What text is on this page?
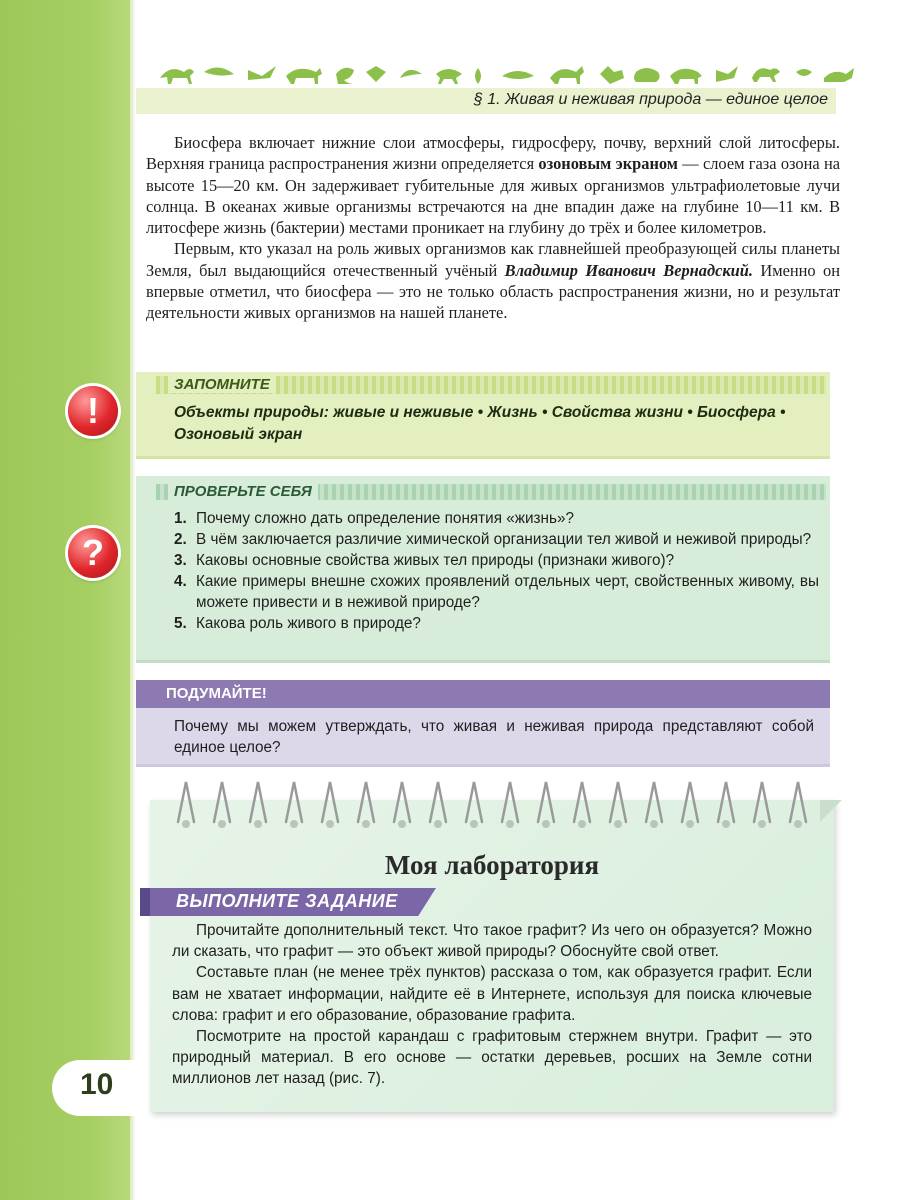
§ 1. Живая и неживая природа — единое целое

Биосфера включает нижние слои атмосферы, гидросферу, почву, верхний слой литосферы. Верхняя граница распространения жизни определяется озоновым экраном — слоем газа озона на высоте 15—20 км. Он задерживает губительные для живых организмов ультрафиолетовые лучи солнца. В океанах живые организмы встречаются на дне впадин даже на глубине 10—11 км. В литосфере жизнь (бактерии) местами проникает на глубину до трёх и более километров.

Первым, кто указал на роль живых организмов как главнейшей преобразующей силы планеты Земля, был выдающийся отечественный учёный Владимир Иванович Вернадский. Именно он впервые отметил, что биосфера — это не только область распространения жизни, но и результат деятельности живых организмов на нашей планете.

!
ЗАПОМНИТЕ
Объекты природы: живые и неживые • Жизнь • Свойства жизни • Биосфера • Озоновый экран
?
ПРОВЕРЬТЕ СЕБЯ
1. Почему сложно дать определение понятия «жизнь»?
2. В чём заключается различие химической организации тел живой и неживой природы?
3. Каковы основные свойства живых тел природы (признаки живого)?
4. Какие примеры внешне схожих проявлений отдельных черт, свойственных живому, вы можете привести и в неживой природе?
5. Какова роль живого в природе?
ПОДУМАЙТЕ!
Почему мы можем утверждать, что живая и неживая природа представляют собой единое целое?
Моя лаборатория
ВЫПОЛНИТЕ ЗАДАНИЕ

Прочитайте дополнительный текст. Что такое графит? Из чего он образуется? Можно ли сказать, что графит — это объект живой природы? Обоснуйте свой ответ.

Составьте план (не менее трёх пунктов) рассказа о том, как образуется графит. Если вам не хватает информации, найдите её в Интернете, используя для поиска ключевые слова: графит и его образование, образование графита.

Посмотрите на простой карандаш с графитовым стержнем внутри. Графит — это природный материал. В его основе — остатки деревьев, росших на Земле сотни миллионов лет назад (рис. 7).

10
